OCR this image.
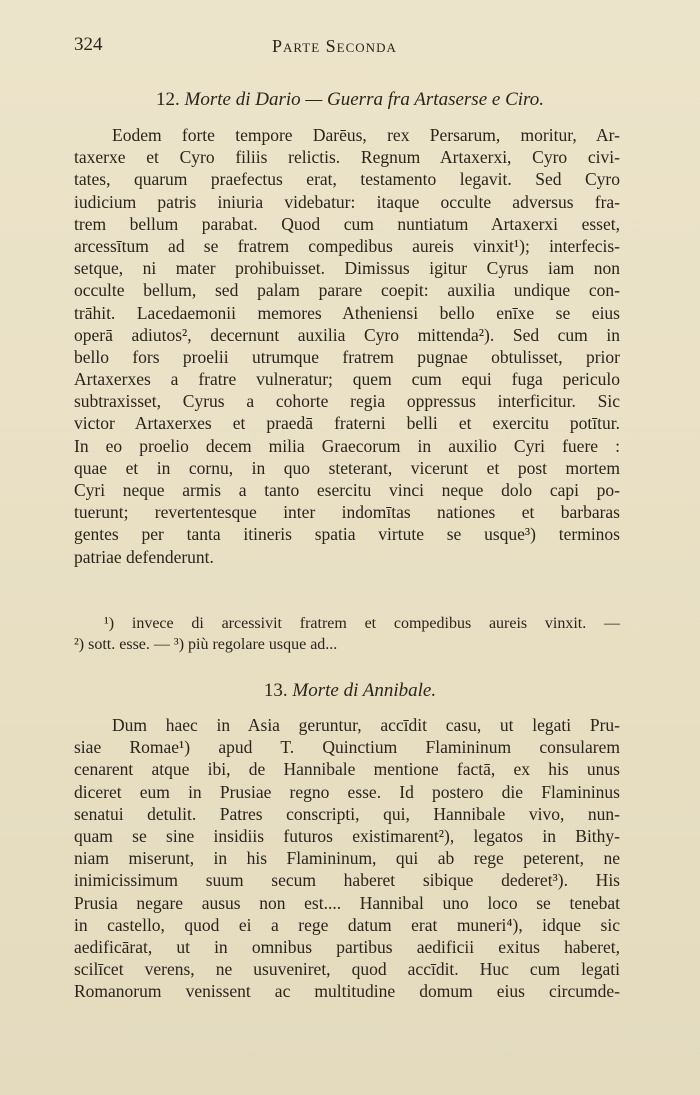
324	Parte Seconda
12. Morte di Dario — Guerra fra Artaserse e Ciro.
Eodem forte tempore Darēus, rex Persarum, moritur, Ar-
taxerxe et Cyro filiis relictis. Regnum Artaxerxi, Cyro civi-
tates, quarum praefectus erat, testamento legavit. Sed Cyro
iudicium patris iniuria videbatur: itaque occulte adversus fra-
trem bellum parabat. Quod cum nuntiatum Artaxerxi esset,
arcessītum ad se fratrem compedibus aureis vinxit¹); interfecis-
setque, ni mater prohibuisset. Dimissus igitur Cyrus iam non
occulte bellum, sed palam parare coepit: auxilia undique con-
trāhit. Lacedaemonii memores Atheniensi bello enīxe se eius
operā adiutos², decernunt auxilia Cyro mittenda²). Sed cum in
bello fors proelii utrumque fratrem pugnae obtulisset, prior
Artaxerxes a fratre vulneratur; quem cum equi fuga periculo
subtraxisset, Cyrus a cohorte regia oppressus interficitur. Sic
victor Artaxerxes et praedā fraterni belli et exercitu potītur.
In eo proelio decem milia Graecorum in auxilio Cyri fuere :
quae et in cornu, in quo steterant, vicerunt et post mortem
Cyri neque armis a tanto esercitu vinci neque dolo capi po-
tuerunt; revertentesque inter indomītas nationes et barbaras
gentes per tanta itineris spatia virtute se usque³) terminos
patriae defenderunt.
¹) invece di arcessivit fratrem et compedibus aureis vinxit. —
²) sott. esse. — ³) più regolare usque ad...
13. Morte di Annibale.
Dum haec in Asia geruntur, accīdit casu, ut legati Pru-
siae Romae¹) apud T. Quinctium Flamininum consularem
cenarent atque ibi, de Hannibale mentione factā, ex his unus
diceret eum in Prusiae regno esse. Id postero die Flamininus
senatui detulit. Patres conscripti, qui, Hannibale vivo, nun-
quam se sine insidiis futuros existimarent²), legatos in Bithy-
niam miserunt, in his Flamininum, qui ab rege peterent, ne
inimicissimum suum secum haberet sibique dederet³). His
Prusia negare ausus non est.... Hannibal uno loco se tenebat
in castello, quod ei a rege datum erat muneri⁴), idque sic
aedificārat, ut in omnibus partibus aedificii exitus haberet,
scilīcet verens, ne usuveniret, quod accīdit. Huc cum legati
Romanorum venissent ac multitudine domum eius circumde-
